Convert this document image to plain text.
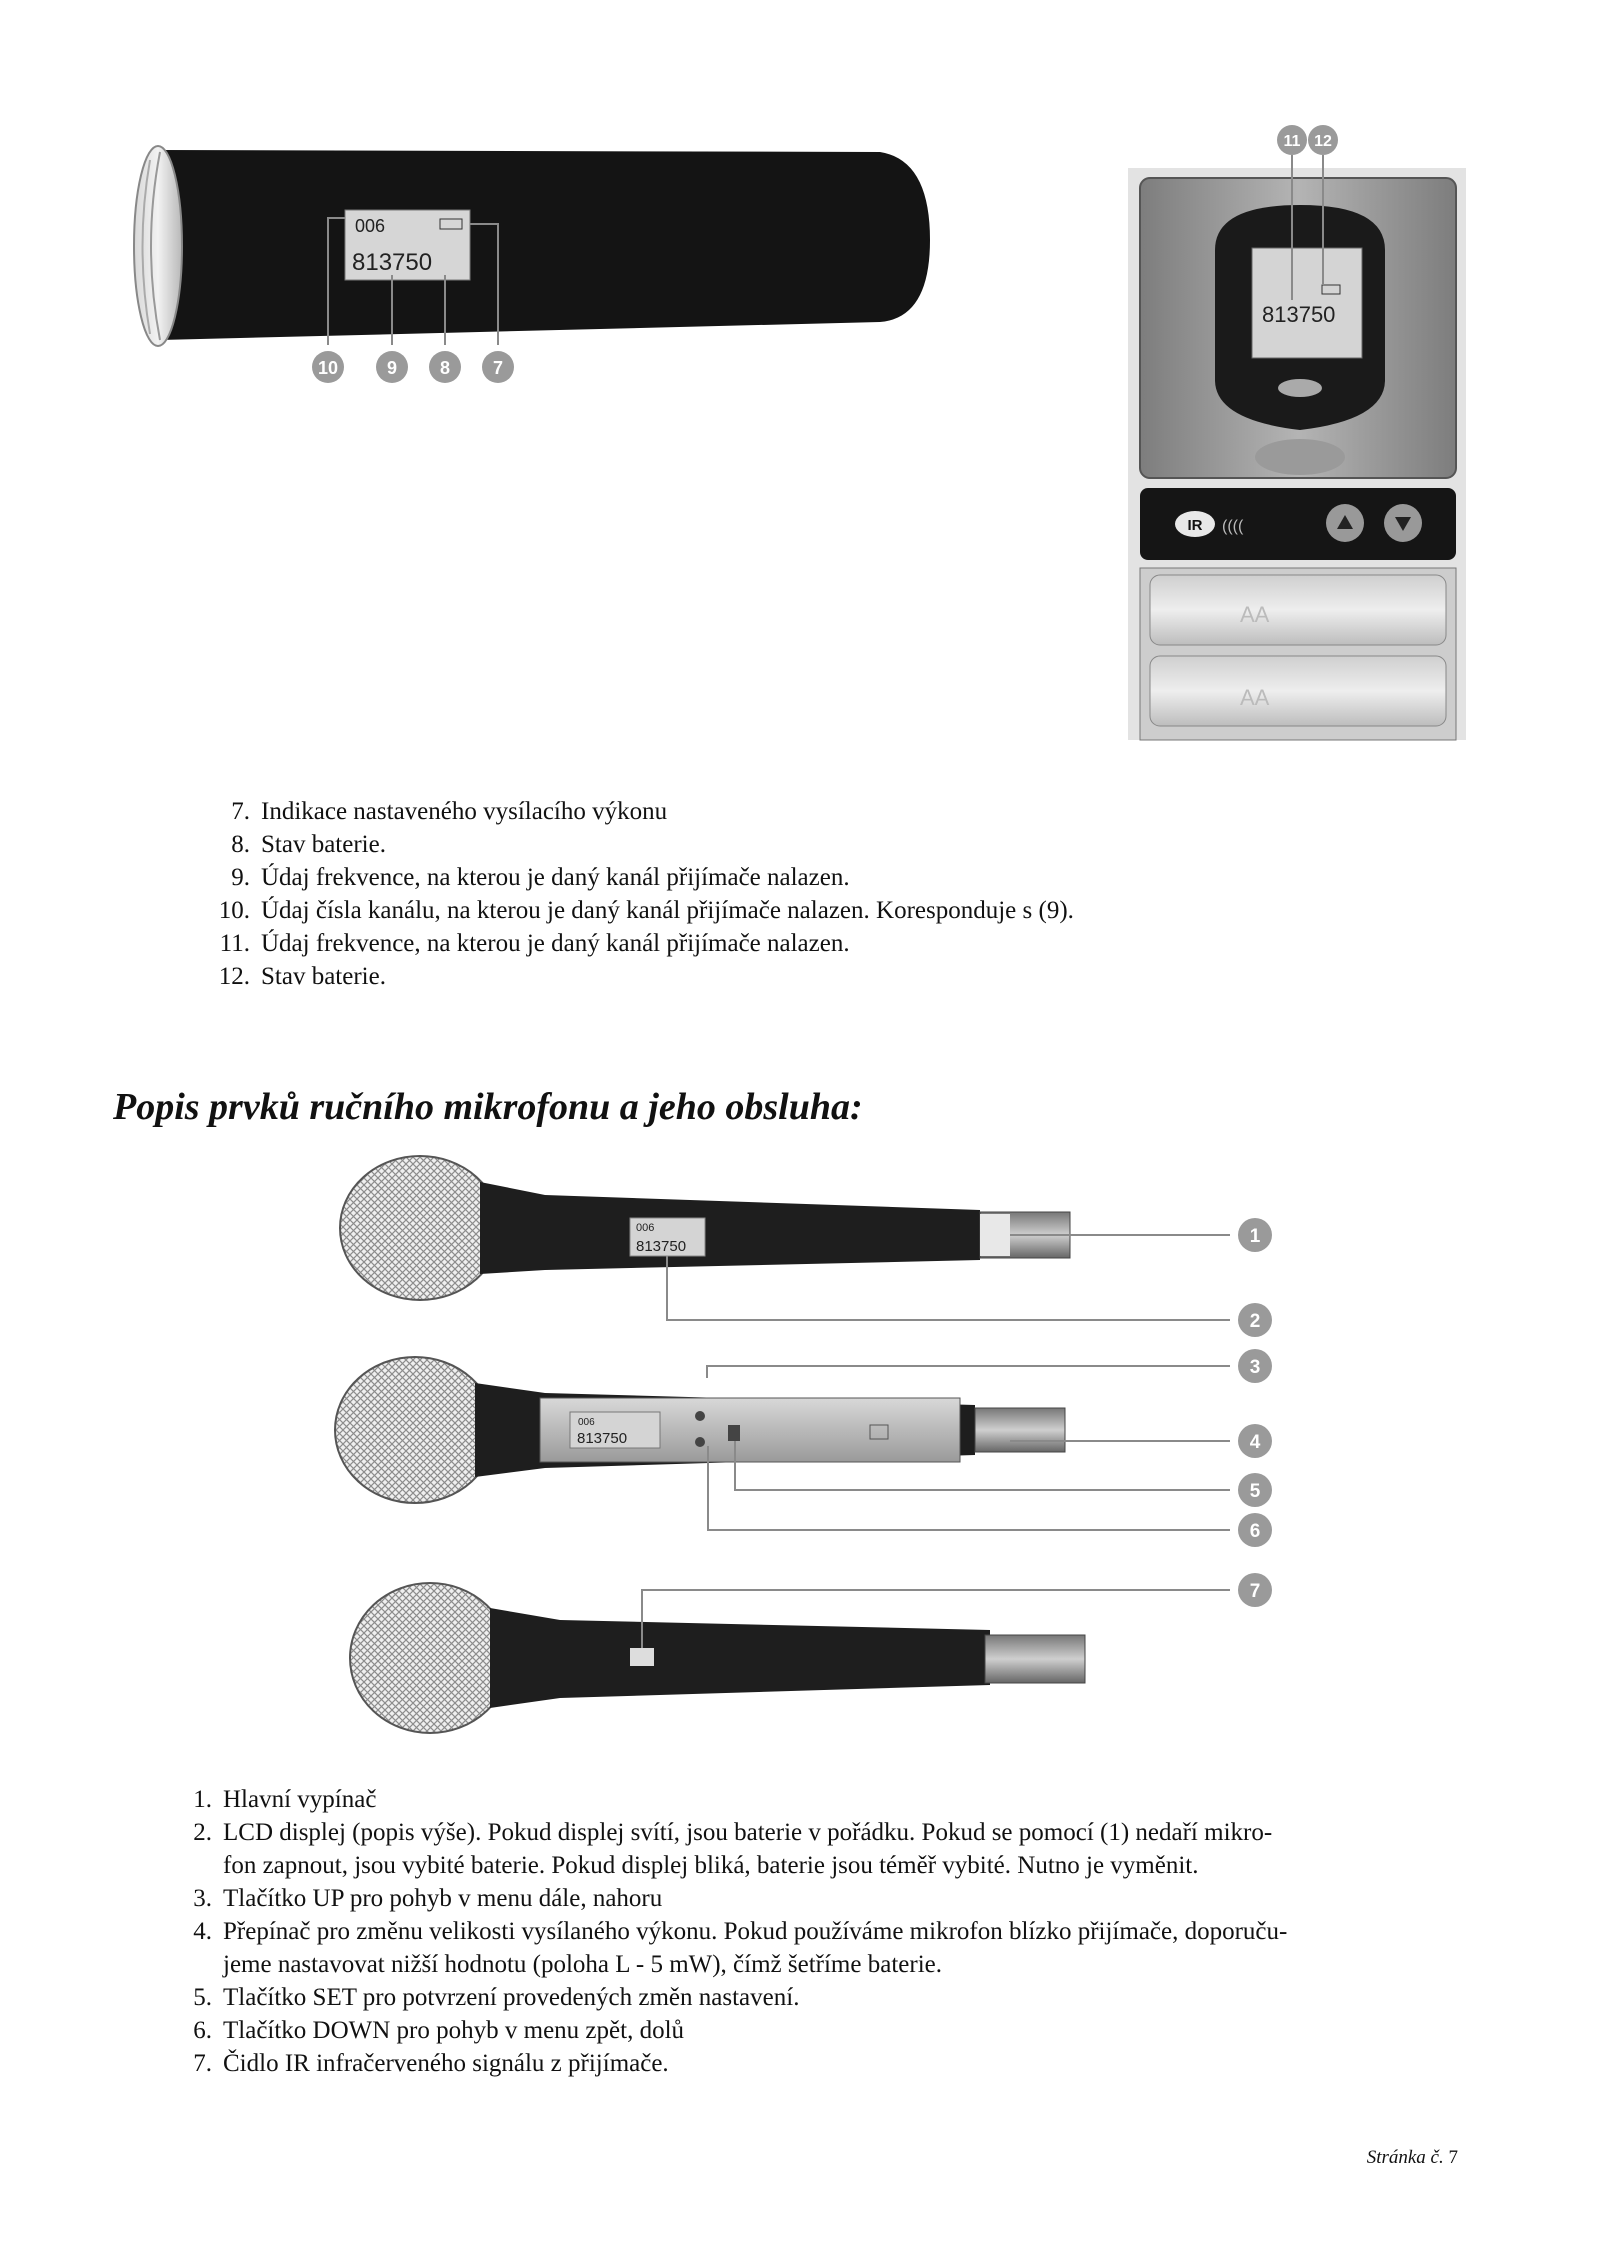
006
813750
10	9 8 7
813750
IR ((((
AA
AA
11 12
7. Indikace nastaveného vysílacího výkonu
8. Stav baterie.
9. Údaj frekvence, na kterou je daný kanál přijímače nalazen.
10. Údaj čísla kanálu, na kterou je daný kanál přijímače nalazen. Koresponduje s (9).
11. Údaj frekvence, na kterou je daný kanál přijímače nalazen.
12. Stav baterie.
Popis prvků ručního mikrofonu a jeho obsluha:
006
813750
006
813750
1
2
3
4
5
6
7
1. Hlavní vypínač
2. LCD displej (popis výše). Pokud displej svítí, jsou baterie v pořádku. Pokud se pomocí (1) nedaří mikro-
fon zapnout, jsou vybité baterie. Pokud displej bliká, baterie jsou téměř vybité. Nutno je vyměnit.
3. Tlačítko UP pro pohyb v menu dále, nahoru
4. Přepínač pro změnu velikosti vysílaného výkonu. Pokud používáme mikrofon blízko přijímače, doporuču-
jeme nastavovat nižší hodnotu (poloha L - 5 mW), čímž šetříme baterie.
5. Tlačítko SET pro potvrzení provedených změn nastavení.
6. Tlačítko DOWN pro pohyb v menu zpět, dolů
7. Čidlo IR infračerveného signálu z přijímače.
Stránka č. 7
